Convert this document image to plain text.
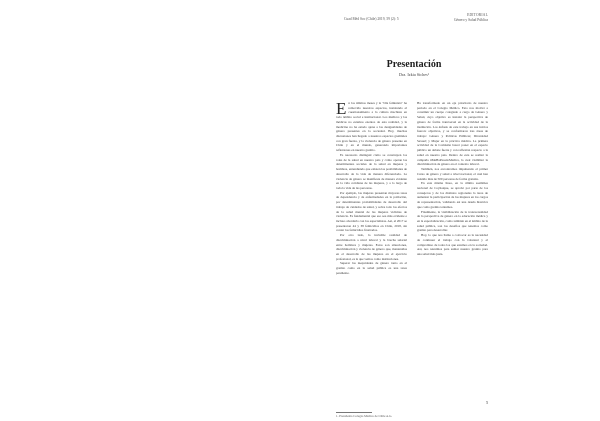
Cuad Méd Soc (Chile) 2019, 59 (2): 5
EDITORIAL
Género y Salud Pública
Presentación
Dra. Izkia Siches¹

En los últimos meses y la "Ola feminista" ha removido nuestros espacios, instalando el cuestionamiento a la cultura machista en todo ámbito social e institucional. Los médicos y las médicas no estamos exentos de esta realidad, y la medicina no ha estado ajena a las desigualdades de género presentes en la sociedad. Hoy, muchas discusiones han llegado a nuestros espacios gremiales con gran fuerza, y la violencia de género presente en Chile y en el mundo, generando importantes reflexiones en nuestro gremio.

Es necesario distinguir cómo se construyen los roles de la salud en nuestro país y cómo operan las determinantes sociales de la salud en mujeres y hombres, entendiendo que existen las posibilidades de desarrollo de la vida de manera diferenciada. La violencia de género se manifiesta de manera evidente en la vida cotidiana de las mujeres, y a lo largo de toda la vida de las personas.

Por ejemplo, las mujeres presentan mayores tasas de dependencia y de enfermedades en la población, por determinantes probabilidades de desarrollo del trabajo de cuidados de salud, y sobre todo los efectos de la salud mental de las mujeres víctimas de violencia. Es fundamental que eso sea más evidente e incluso abordarlo con los especialistas. Así, el 2017 se presentaron 44 y 38 femicidios en Chile, 2018, sin contar los femicidios frustrados.

Por otro lado, la invisible realidad de discriminación a nivel laboral y la brecha salarial entre hombres y mujeres. Estos son situaciones, discriminación y violencia de género que, mantenidas en el desarrollo de las mujeres en el ejercicio profesional, es la que vemos como instituciones.

Superar las inequidades de género tanto en el gremio como en la salud pública es una tarea pendiente.

Ha transformado en un eje prioritario de nuestro periodo en el Colegio Médico. Esto nos motivó a constituir un cuerpo colegiado a cargo de Género y Salud, cuyo objetivo es instalar la perspectiva de género de forma transversal en la actividad de la institución. Los énfasis de este trabajo en sus inicios fueron: objetivos, y se conformaron tres áreas de trabajo: Género y Políticas Públicas; Diversidad Sexual; y Mujer en la práctica médica. La primera actividad de la Comisión buscó poner en el espacio público un debate fuerte y con reflexión respecto a la salud en nuestro país. Dentro de esta se realizó la campaña #MeHaPasadoMédica, la cual visibilizó la discriminación de género en el contexto laboral.

También, nos encontramos impulsando el primer Curso de género y salud a nivel nacional, el cual han asistido más de 500 personas de forma gratuita.

En esta misma línea, en la última asamblea nacional de Coyhaique, se aprobó por parte de los consejeros y de los distintos regionales la tarea de aumentar la participación de las mujeres en los cargos de representación, validando así una deuda histórica que como gremio teníamos.

Finalmente, la visibilización de la transversalidad de la perspectiva de género en la educación médica y en la especialización, como también en el ámbito de la salud pública, son los desafíos que tenemos como gremio para desarrollar.

Hoy, lo que nos llama a convocar es la necesidad de continuar el trabajo con la voluntad y el compromiso de todos los que estamos en la sociedad. Así, nos reunimos para sumar nuestro granito para una salud más justa.

5
1. Presidenta Colegio Médico de Chile A.G.
